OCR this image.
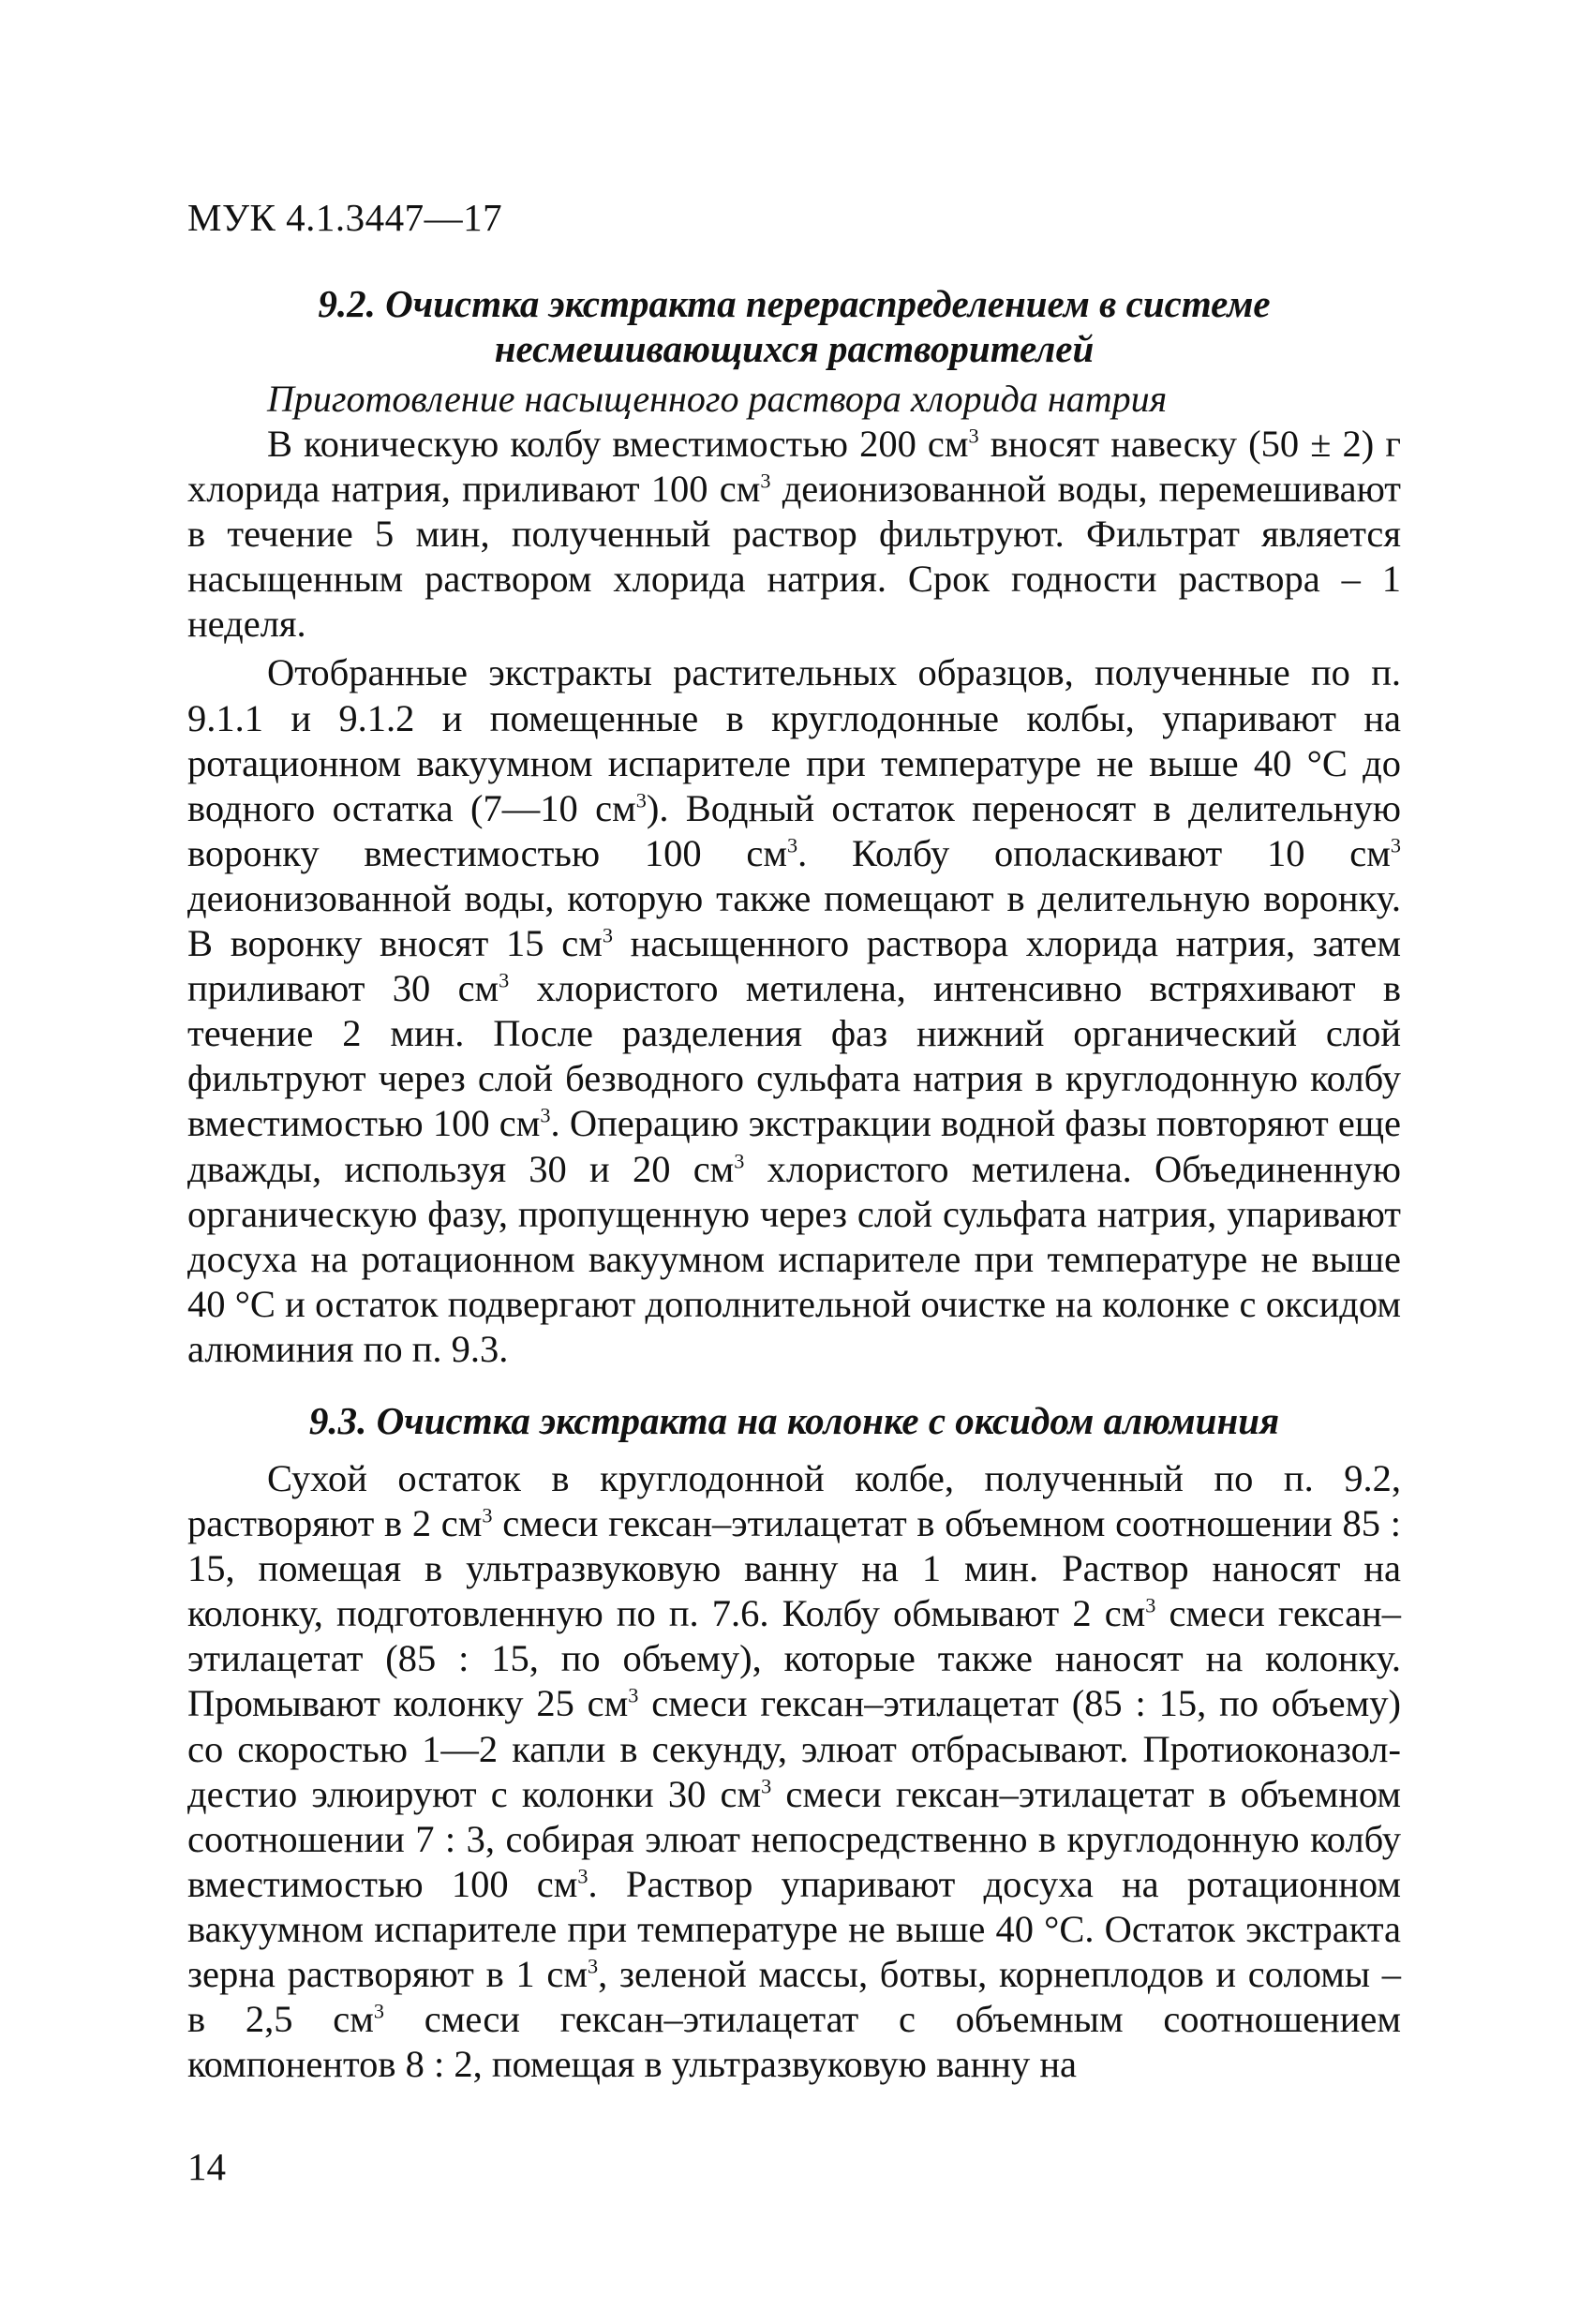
МУК 4.1.3447—17
9.2. Очистка экстракта перераспределением в системе
несмешивающихся растворителей

Приготовление насыщенного раствора хлорида натрия

В коническую колбу вместимостью 200 $см^3$ вносят навеску (50 ± 2) г хлорида натрия, приливают 100 $см^3$ деионизованной воды, перемешивают в течение 5 мин, полученный раствор фильтруют. Фильтрат является насыщенным раствором хлорида натрия. Срок годности раствора – 1 неделя.

Отобранные экстракты растительных образцов, полученные по п. 9.1.1 и 9.1.2 и помещенные в круглодонные колбы, упаривают на ротационном вакуумном испарителе при температуре не выше 40 °С до водного остатка (7—10 $см^3$). Водный остаток переносят в делительную воронку вместимостью 100 $см^3$. Колбу ополаскивают 10 $см^3$ деионизованной воды, которую также помещают в делительную воронку. В воронку вносят 15 $см^3$ насыщенного раствора хлорида натрия, затем приливают 30 $см^3$ хлористого метилена, интенсивно встряхивают в течение 2 мин. После разделения фаз нижний органический слой фильтруют через слой безводного сульфата натрия в круглодонную колбу вместимостью 100 $см^3$. Операцию экстракции водной фазы повторяют еще дважды, используя 30 и 20 $см^3$ хлористого метилена. Объединенную органическую фазу, пропущенную через слой сульфата натрия, упаривают досуха на ротационном вакуумном испарителе при температуре не выше 40 °С и остаток подвергают дополнительной очистке на колонке с оксидом алюминия по п. 9.3.

9.3. Очистка экстракта на колонке с оксидом алюминия

Сухой остаток в круглодонной колбе, полученный по п. 9.2, растворяют в 2 $см^3$ смеси гексан–этилацетат в объемном соотношении 85 : 15, помещая в ультразвуковую ванну на 1 мин. Раствор наносят на колонку, подготовленную по п. 7.6. Колбу обмывают 2 $см^3$ смеси гексан–этилацетат (85 : 15, по объему), которые также наносят на колонку. Промывают колонку 25 $см^3$ смеси гексан–этилацетат (85 : 15, по объему) со скоростью 1—2 капли в секунду, элюат отбрасывают. Протиоконазол-дестио элюируют с колонки 30 $см^3$ смеси гексан–этилацетат в объемном соотношении 7 : 3, собирая элюат непосредственно в круглодонную колбу вместимостью 100 $см^3$. Раствор упаривают досуха на ротационном вакуумном испарителе при температуре не выше 40 °С. Остаток экстракта зерна растворяют в 1 $см^3$, зеленой массы, ботвы, корнеплодов и соломы – в 2,5 $см^3$ смеси гексан–этилацетат с объемным соотношением компонентов 8 : 2, помещая в ультразвуковую ванну на

14
